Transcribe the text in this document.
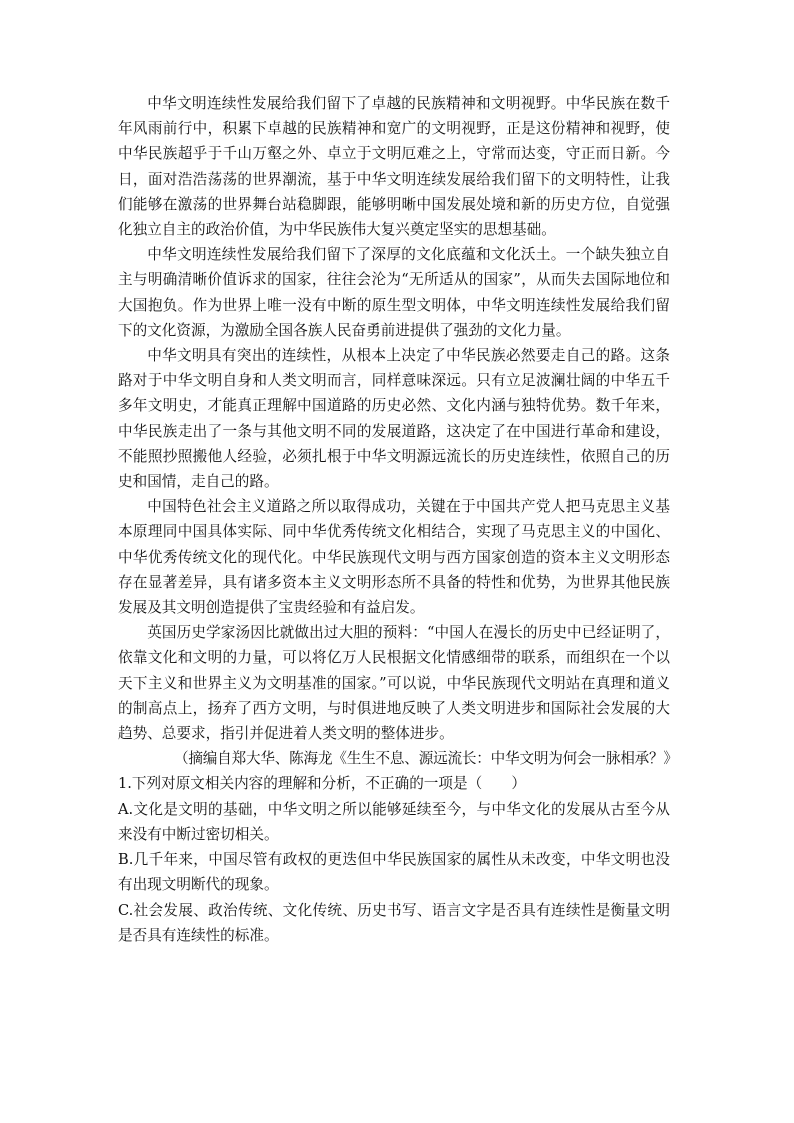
中华文明连续性发展给我们留下了卓越的民族精神和文明视野。中华民族在数千年风雨前行中，积累下卓越的民族精神和宽广的文明视野，正是这份精神和视野，使中华民族超乎于千山万壑之外、卓立于文明厄难之上，守常而达变，守正而日新。今日，面对浩浩荡荡的世界潮流，基于中华文明连续发展给我们留下的文明特性，让我们能够在激荡的世界舞台站稳脚跟，能够明晰中国发展处境和新的历史方位，自觉强化独立自主的政治价值，为中华民族伟大复兴奠定坚实的思想基础。

中华文明连续性发展给我们留下了深厚的文化底蕴和文化沃土。一个缺失独立自主与明确清晰价值诉求的国家，往往会沦为“无所适从的国家”，从而失去国际地位和大国抱负。作为世界上唯一没有中断的原生型文明体，中华文明连续性发展给我们留下的文化资源，为激励全国各族人民奋勇前进提供了强劲的文化力量。

中华文明具有突出的连续性，从根本上决定了中华民族必然要走自己的路。这条路对于中华文明自身和人类文明而言，同样意味深远。只有立足波澜壮阔的中华五千多年文明史，才能真正理解中国道路的历史必然、文化内涵与独特优势。数千年来，中华民族走出了一条与其他文明不同的发展道路，这决定了在中国进行革命和建设，不能照抄照搬他人经验，必须扎根于中华文明源远流长的历史连续性，依照自己的历史和国情，走自己的路。

中国特色社会主义道路之所以取得成功，关键在于中国共产党人把马克思主义基本原理同中国具体实际、同中华优秀传统文化相结合，实现了马克思主义的中国化、中华优秀传统文化的现代化。中华民族现代文明与西方国家创造的资本主义文明形态存在显著差异，具有诸多资本主义文明形态所不具备的特性和优势，为世界其他民族发展及其文明创造提供了宝贵经验和有益启发。

英国历史学家汤因比就做出过大胆的预料：“中国人在漫长的历史中已经证明了，依靠文化和文明的力量，可以将亿万人民根据文化情感细带的联系，而组织在一个以天下主义和世界主义为文明基准的国家。”可以说，中华民族现代文明站在真理和道义的制高点上，扬弃了西方文明，与时俱进地反映了人类文明进步和国际社会发展的大趋势、总要求，指引并促进着人类文明的整体进步。

（摘编自郑大华、陈海龙《生生不息、源远流长：中华文明为何会一脉相承？》

1.下列对原文相关内容的理解和分析，不正确的一项是（　　）

A.文化是文明的基础，中华文明之所以能够延续至今，与中华文化的发展从古至今从来没有中断过密切相关。

B.几千年来，中国尽管有政权的更迭但中华民族国家的属性从未改变，中华文明也没有出现文明断代的现象。

C.社会发展、政治传统、文化传统、历史书写、语言文字是否具有连续性是衡量文明是否具有连续性的标准。
